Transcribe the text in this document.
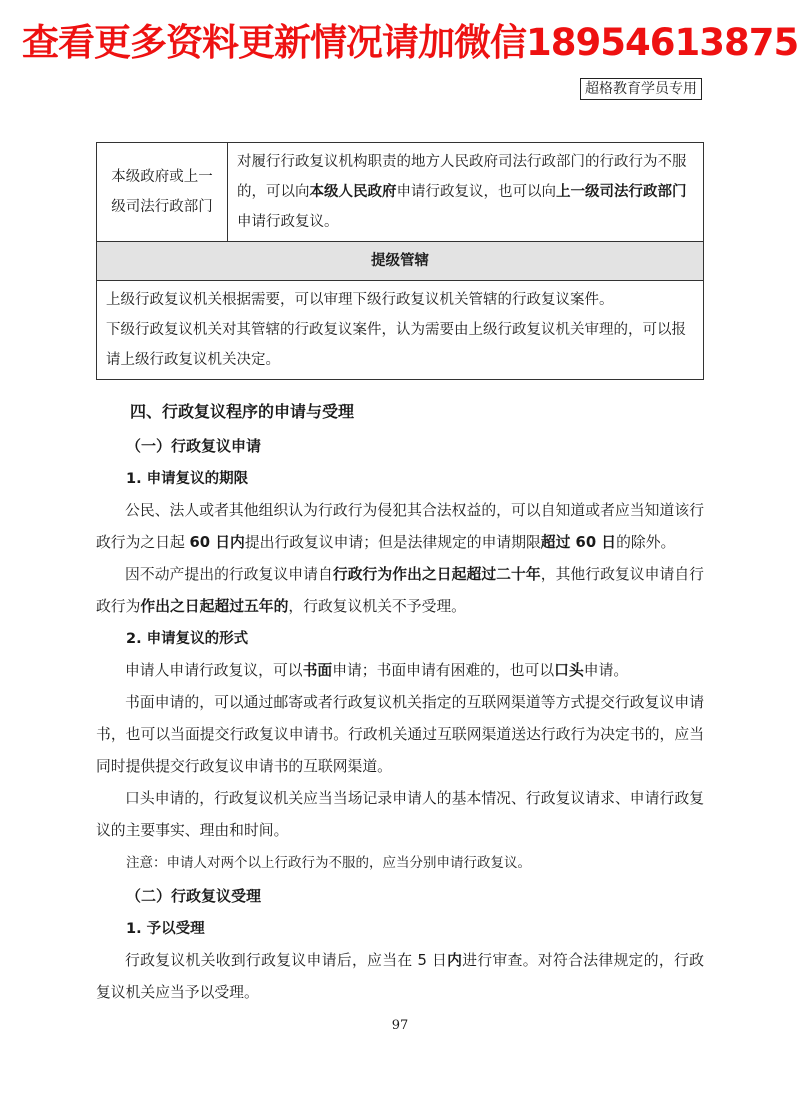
查看更多资料更新情况请加微信18954613875
超格教育学员专用
本级政府或上一级司法行政部门	对履行行政复议机构职责的地方人民政府司法行政部门的行政行为不服的，可以向本级人民政府申请行政复议，也可以向上一级司法行政部门申请行政复议。
提级管辖

上级行政复议机关根据需要，可以审理下级行政复议机关管辖的行政复议案件。
下级行政复议机关对其管辖的行政复议案件，认为需要由上级行政复议机关审理的，可以报请上级行政复议机关决定。
四、行政复议程序的申请与受理
（一）行政复议申请
1. 申请复议的期限

公民、法人或者其他组织认为行政行为侵犯其合法权益的，可以自知道或者应当知道该行政行为之日起 60 日内提出行政复议申请；但是法律规定的申请期限超过 60 日的除外。

因不动产提出的行政复议申请自行政行为作出之日起超过二十年，其他行政复议申请自行政行为作出之日起超过五年的，行政复议机关不予受理。

2. 申请复议的形式

申请人申请行政复议，可以书面申请；书面申请有困难的，也可以口头申请。

书面申请的，可以通过邮寄或者行政复议机关指定的互联网渠道等方式提交行政复议申请书，也可以当面提交行政复议申请书。行政机关通过互联网渠道送达行政行为决定书的，应当同时提供提交行政复议申请书的互联网渠道。

口头申请的，行政复议机关应当当场记录申请人的基本情况、行政复议请求、申请行政复议的主要事实、理由和时间。

注意：申请人对两个以上行政行为不服的，应当分别申请行政复议。
（二）行政复议受理
1. 予以受理

行政复议机关收到行政复议申请后，应当在 5 日内进行审查。对符合法律规定的，行政复议机关应当予以受理。

97
